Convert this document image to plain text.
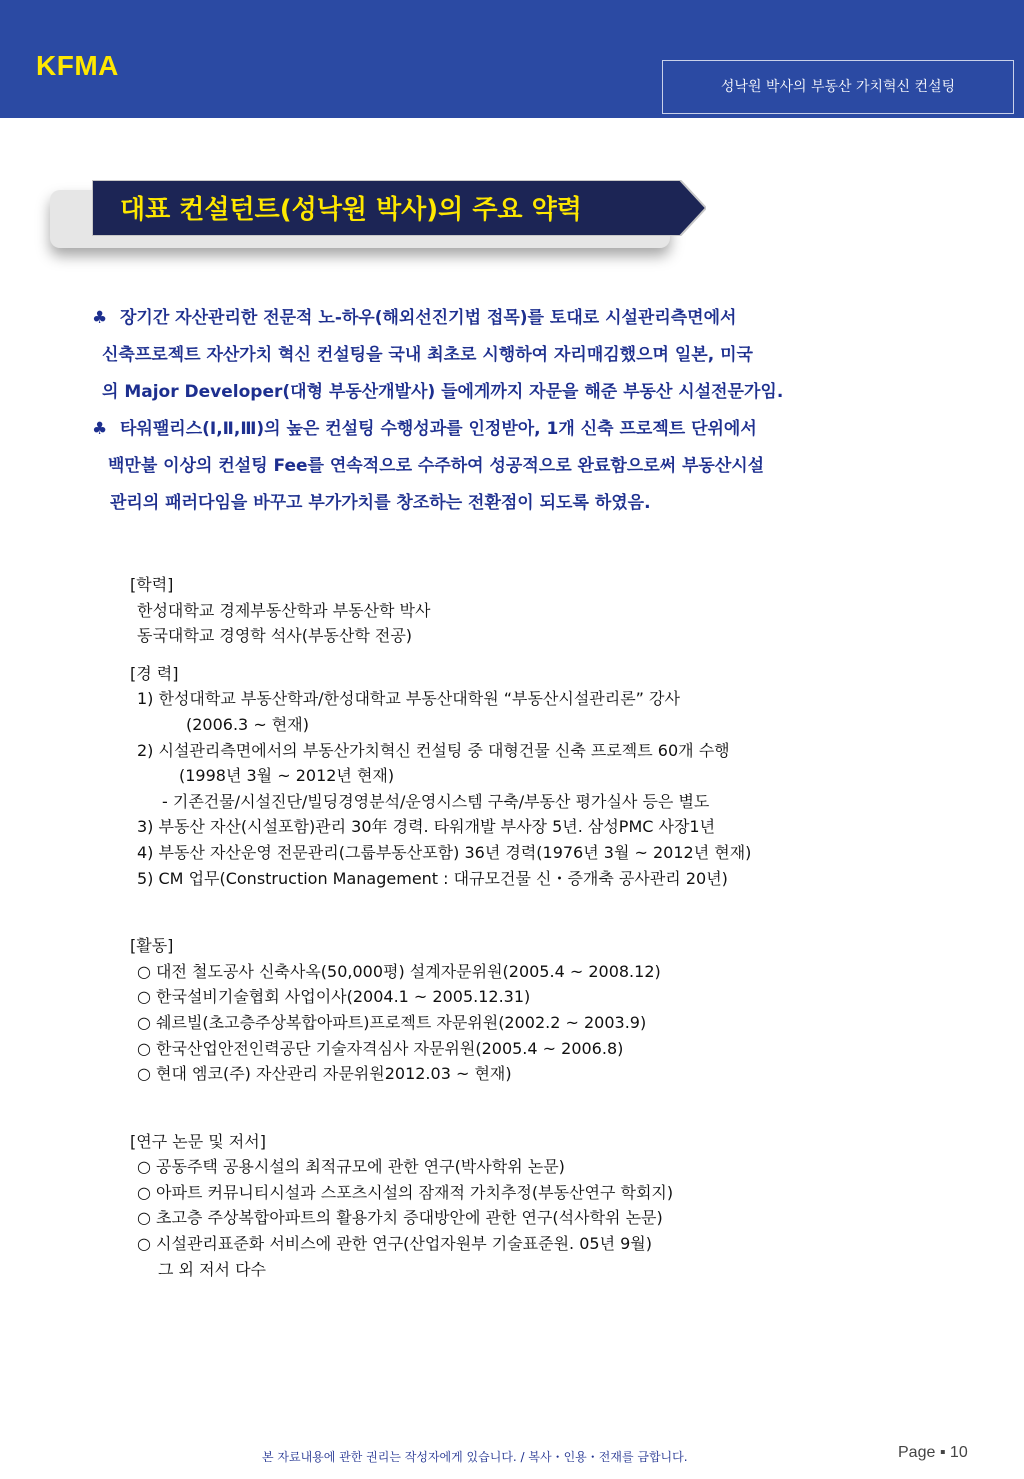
KFMA
성낙원 박사의 부동산 가치혁신 컨설팅
대표 컨설턴트(성낙원 박사)의 주요 약력

♣ 장기간 자산관리한 전문적 노-하우(해외선진기법 접목)를 토대로 시설관리측면에서

신축프로젝트 자산가치 혁신 컨설팅을 국내 최초로 시행하여 자리매김했으며 일본, 미국

의 Major Developer(대형 부동산개발사) 들에게까지 자문을 해준 부동산 시설전문가임.

♣ 타워팰리스(Ⅰ,Ⅱ,Ⅲ)의 높은 컨설팅 수행성과를 인정받아, 1개 신축 프로젝트 단위에서

백만불 이상의 컨설팅 Fee를 연속적으로 수주하여 성공적으로 완료함으로써 부동산시설

관리의 패러다임을 바꾸고 부가가치를 창조하는 전환점이 되도록 하였음.

[학력]
한성대학교 경제부동산학과 부동산학 박사
동국대학교 경영학 석사(부동산학 전공)
[경 력]
1) 한성대학교 부동산학과/한성대학교 부동산대학원 “부동산시설관리론” 강사
(2006.3 ~ 현재)
2) 시설관리측면에서의 부동산가치혁신 컨설팅 중 대형건물 신축 프로젝트 60개 수행
(1998년 3월 ~ 2012년 현재)
- 기존건물/시설진단/빌딩경영분석/운영시스템 구축/부동산 평가실사 등은 별도
3) 부동산 자산(시설포함)관리 30年 경력. 타워개발 부사장 5년. 삼성PMC 사장1년
4) 부동산 자산운영 전문관리(그룹부동산포함) 36년 경력(1976년 3월 ~ 2012년 현재)
5) CM 업무(Construction Management : 대규모건물 신・증개축 공사관리 20년)
[활동]
○ 대전 철도공사 신축사옥(50,000평) 설계자문위원(2005.4 ~ 2008.12)
○ 한국설비기술협회 사업이사(2004.1 ~ 2005.12.31)
○ 쉐르빌(초고층주상복합아파트)프로젝트 자문위원(2002.2 ~ 2003.9)
○ 한국산업안전인력공단 기술자격심사 자문위원(2005.4 ~ 2006.8)
○ 현대 엠코(주) 자산관리 자문위원2012.03 ~ 현재)
[연구 논문 및 저서]
○ 공동주택 공용시설의 최적규모에 관한 연구(박사학위 논문)
○ 아파트 커뮤니티시설과 스포츠시설의 잠재적 가치추정(부동산연구 학회지)
○ 초고층 주상복합아파트의 활용가치 증대방안에 관한 연구(석사학위 논문)
○ 시설관리표준화 서비스에 관한 연구(산업자원부 기술표준원. 05년 9월)
그 외 저서 다수
본 자료내용에 관한 권리는 작성자에게 있습니다. / 복사・인용・전재를 금합니다.	Page ▪ 10
